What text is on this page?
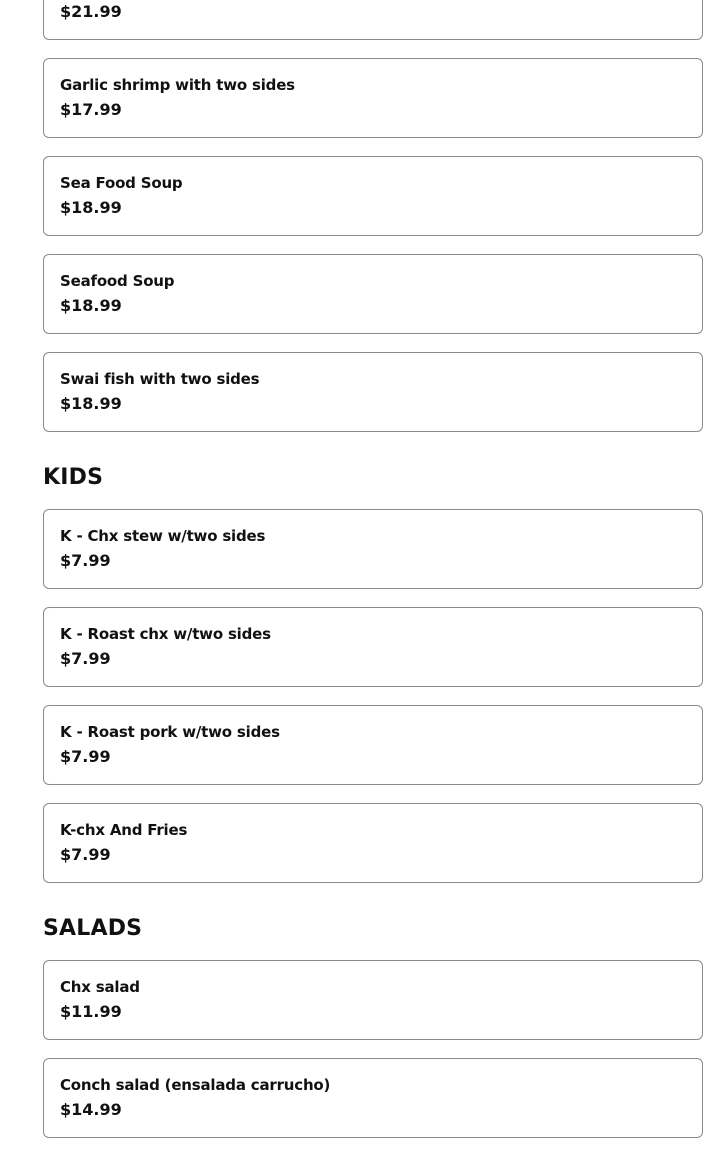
$21.99
Garlic shrimp with two sides
$17.99
Sea Food Soup
$18.99
Seafood Soup
$18.99
Swai fish with two sides
$18.99
KIDS
K - Chx stew w/two sides
$7.99
K - Roast chx w/two sides
$7.99
K - Roast pork w/two sides
$7.99
K-chx And Fries
$7.99
SALADS
Chx salad
$11.99
Conch salad (ensalada carrucho)
$14.99
